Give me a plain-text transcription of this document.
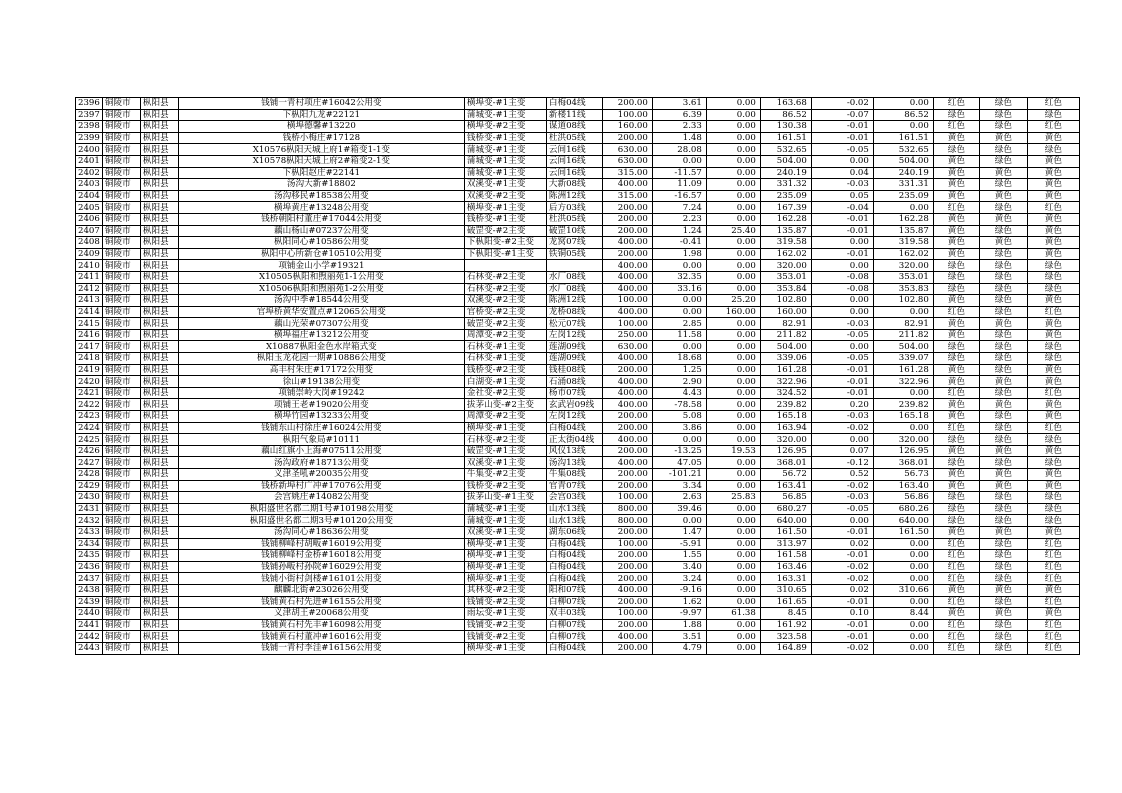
2396	铜陵市	枞阳县	钱铺一青村项庄#16042公用变	横埠变-#1主变	白梅04线	200.00	3.61	0.00	163.68	-0.02	0.00	红色	绿色	红色
2397	铜陵市	枞阳县	下枞阳九龙#22121	蒲城变-#1主变	新楼11线	100.00	6.39	0.00	86.52	-0.07	86.52	绿色	绿色	绿色
2398	铜陵市	枞阳县	横埠德馨#13220	横埠变-#2主变	谋道08线	160.00	2.33	0.00	130.38	-0.01	0.00	红色	绿色	红色
2399	铜陵市	枞阳县	钱桥小梅庄#17128	钱桥变-#1主变	杜洪05线	200.00	1.48	0.00	161.51	-0.01	161.51	黄色	黄色	黄色
2400	铜陵市	枞阳县	X10576枞阳天城上府1#箱变1-1变	蒲城变-#1主变	云间16线	630.00	28.08	0.00	532.65	-0.05	532.65	绿色	绿色	绿色
2401	铜陵市	枞阳县	X10578枞阳天城上府2#箱变2-1变	蒲城变-#1主变	云间16线	630.00	0.00	0.00	504.00	0.00	504.00	黄色	绿色	黄色
2402	铜陵市	枞阳县	下枞阳赵庄#22141	蒲城变-#1主变	云间16线	315.00	-11.57	0.00	240.19	0.04	240.19	黄色	黄色	黄色
2403	铜陵市	枞阳县	汤沟大新#18802	双溪变-#1主变	大新08线	400.00	11.09	0.00	331.32	-0.03	331.31	黄色	绿色	黄色
2404	铜陵市	枞阳县	汤沟移民#18538公用变	双溪变-#2主变	陈洲12线	315.00	-16.57	0.00	235.09	0.05	235.09	黄色	黄色	黄色
2405	铜陵市	枞阳县	横埠黄庄#13248公用变	横埠变-#1主变	后方03线	200.00	7.24	0.00	167.39	-0.04	0.00	红色	绿色	红色
2406	铜陵市	枞阳县	钱桥朝阳村董庄#17044公用变	钱桥变-#1主变	杜洪05线	200.00	2.23	0.00	162.28	-0.01	162.28	黄色	黄色	黄色
2407	铜陵市	枞阳县	藕山杨山#07237公用变	破罡变-#2主变	破罡10线	200.00	1.24	25.40	135.87	-0.01	135.87	黄色	绿色	黄色
2408	铜陵市	枞阳县	枞阳同心#10586公用变	下枞阳变-#2主变	龙窝07线	400.00	-0.41	0.00	319.58	0.00	319.58	黄色	黄色	黄色
2409	铜陵市	枞阳县	枞阳中心所新仓#10510公用变	下枞阳变-#1主变	铁铜05线	200.00	1.98	0.00	162.02	-0.01	162.02	黄色	绿色	黄色
2410	铜陵市	枞阳县	项铺金山小学#19321			400.00	0.00	0.00	320.00	0.00	320.00	绿色	绿色	绿色
2411	铜陵市	枞阳县	X10505枞阳和煦丽苑1-1公用变	石林变-#2主变	水厂08线	400.00	32.35	0.00	353.01	-0.08	353.01	绿色	绿色	绿色
2412	铜陵市	枞阳县	X10506枞阳和煦丽苑1-2公用变	石林变-#2主变	水厂08线	400.00	33.16	0.00	353.84	-0.08	353.83	绿色	绿色	绿色
2413	铜陵市	枞阳县	汤沟中季#18544公用变	双溪变-#2主变	陈洲12线	100.00	0.00	25.20	102.80	0.00	102.80	黄色	绿色	黄色
2414	铜陵市	枞阳县	官埠桥黄华安置点#12065公用变	官桥变-#2主变	龙桥08线	400.00	0.00	160.00	160.00	0.00	0.00	红色	绿色	红色
2415	铜陵市	枞阳县	藕山光荣#07307公用变	破罡变-#2主变	松元07线	100.00	2.85	0.00	82.91	-0.03	82.91	黄色	黄色	黄色
2416	铜陵市	枞阳县	横埠福庄#13212公用变	周潭变-#2主变	左岗12线	250.00	11.58	0.00	211.82	-0.05	211.82	黄色	绿色	黄色
2417	铜陵市	枞阳县	X10887枞阳金色水岸箱式变	石林变-#1主变	莲湖09线	630.00	0.00	0.00	504.00	0.00	504.00	绿色	绿色	绿色
2418	铜陵市	枞阳县	枞阳玉龙花园一期#10886公用变	石林变-#1主变	莲湖09线	400.00	18.68	0.00	339.06	-0.05	339.07	绿色	绿色	绿色
2419	铜陵市	枞阳县	高丰村朱庄#17172公用变	钱桥变-#2主变	钱桂08线	200.00	1.25	0.00	161.28	-0.01	161.28	黄色	绿色	黄色
2420	铜陵市	枞阳县	徐山#19138公用变	白湖变-#1主变	石涌08线	400.00	2.90	0.00	322.96	-0.01	322.96	黄色	黄色	黄色
2421	铜陵市	枞阳县	项铺崇岭大岗#19242	金社变-#2主变	杨市07线	400.00	4.43	0.00	324.52	-0.01	0.00	红色	绿色	红色
2422	铜陵市	枞阳县	项铺王老#19020公用变	拔茅山变-#2主变	玄武岩09线	400.00	-78.58	0.00	239.82	0.20	239.82	黄色	黄色	黄色
2423	铜陵市	枞阳县	横埠竹园#13233公用变	周潭变-#2主变	左岗12线	200.00	5.08	0.00	165.18	-0.03	165.18	黄色	绿色	黄色
2424	铜陵市	枞阳县	钱铺东山村徐庄#16024公用变	横埠变-#1主变	白梅04线	200.00	3.86	0.00	163.94	-0.02	0.00	红色	绿色	红色
2425	铜陵市	枞阳县	枞阳气象局#10111	石林变-#2主变	正太街04线	400.00	0.00	0.00	320.00	0.00	320.00	绿色	绿色	绿色
2426	铜陵市	枞阳县	藕山红旗小上海#07511公用变	破罡变-#1主变	风仪13线	200.00	-13.25	19.53	126.95	0.07	126.95	黄色	黄色	黄色
2427	铜陵市	枞阳县	汤沟政府#18713公用变	双溪变-#1主变	汤沟13线	400.00	47.05	0.00	368.01	-0.12	368.01	绿色	绿色	绿色
2428	铜陵市	枞阳县	义津圣吼#20035公用变	牛集变-#2主变	牛集08线	200.00	-101.21	0.00	56.72	0.52	56.73	黄色	黄色	黄色
2429	铜陵市	枞阳县	钱桥新埠村广冲#17076公用变	钱桥变-#2主变	官青07线	200.00	3.34	0.00	163.41	-0.02	163.40	黄色	黄色	黄色
2430	铜陵市	枞阳县	会宫姚庄#14082公用变	拔茅山变-#1主变	会宫03线	100.00	2.63	25.83	56.85	-0.03	56.86	绿色	绿色	绿色
2431	铜陵市	枞阳县	枞阳盛世名都二期1号#10198公用变	蒲城变-#1主变	山水13线	800.00	39.46	0.00	680.27	-0.05	680.26	绿色	绿色	绿色
2432	铜陵市	枞阳县	枞阳盛世名都二期3号#10120公用变	蒲城变-#1主变	山水13线	800.00	0.00	0.00	640.00	0.00	640.00	绿色	绿色	绿色
2433	铜陵市	枞阳县	汤沟同心#18636公用变	双溪变-#1主变	湖东06线	200.00	1.47	0.00	161.50	-0.01	161.50	黄色	黄色	黄色
2434	铜陵市	枞阳县	钱铺柳峰村胡畈#16019公用变	横埠变-#1主变	白梅04线	100.00	-5.91	0.00	313.97	0.02	0.00	红色	绿色	红色
2435	铜陵市	枞阳县	钱铺柳峰村金桥#16018公用变	横埠变-#1主变	白梅04线	200.00	1.55	0.00	161.58	-0.01	0.00	红色	绿色	红色
2436	铜陵市	枞阳县	钱铺孙畈村孙院#16029公用变	横埠变-#1主变	白梅04线	200.00	3.40	0.00	163.46	-0.02	0.00	红色	绿色	红色
2437	铜陵市	枞阳县	钱铺小街村剑楼#16101公用变	横埠变-#1主变	白梅04线	200.00	3.24	0.00	163.31	-0.02	0.00	红色	绿色	红色
2438	铜陵市	枞阳县	麒麟北街#23026公用变	其林变-#2主变	阳和07线	400.00	-9.16	0.00	310.65	0.02	310.66	黄色	黄色	黄色
2439	铜陵市	枞阳县	钱铺黄石村先进#16155公用变	钱铺变-#2主变	白柳07线	200.00	1.62	0.00	161.65	-0.01	0.00	红色	绿色	红色
2440	铜陵市	枞阳县	义津胡王#20068公用变	雨坛变-#1主变	双丰03线	100.00	-9.97	61.38	8.45	0.10	8.44	黄色	黄色	黄色
2441	铜陵市	枞阳县	钱铺黄石村先丰#16098公用变	钱铺变-#2主变	白柳07线	200.00	1.88	0.00	161.92	-0.01	0.00	红色	绿色	红色
2442	铜陵市	枞阳县	钱铺黄石村董冲#16016公用变	钱铺变-#2主变	白柳07线	400.00	3.51	0.00	323.58	-0.01	0.00	红色	绿色	红色
2443	铜陵市	枞阳县	钱铺一青村李洼#16156公用变	横埠变-#1主变	白梅04线	200.00	4.79	0.00	164.89	-0.02	0.00	红色	绿色	红色
